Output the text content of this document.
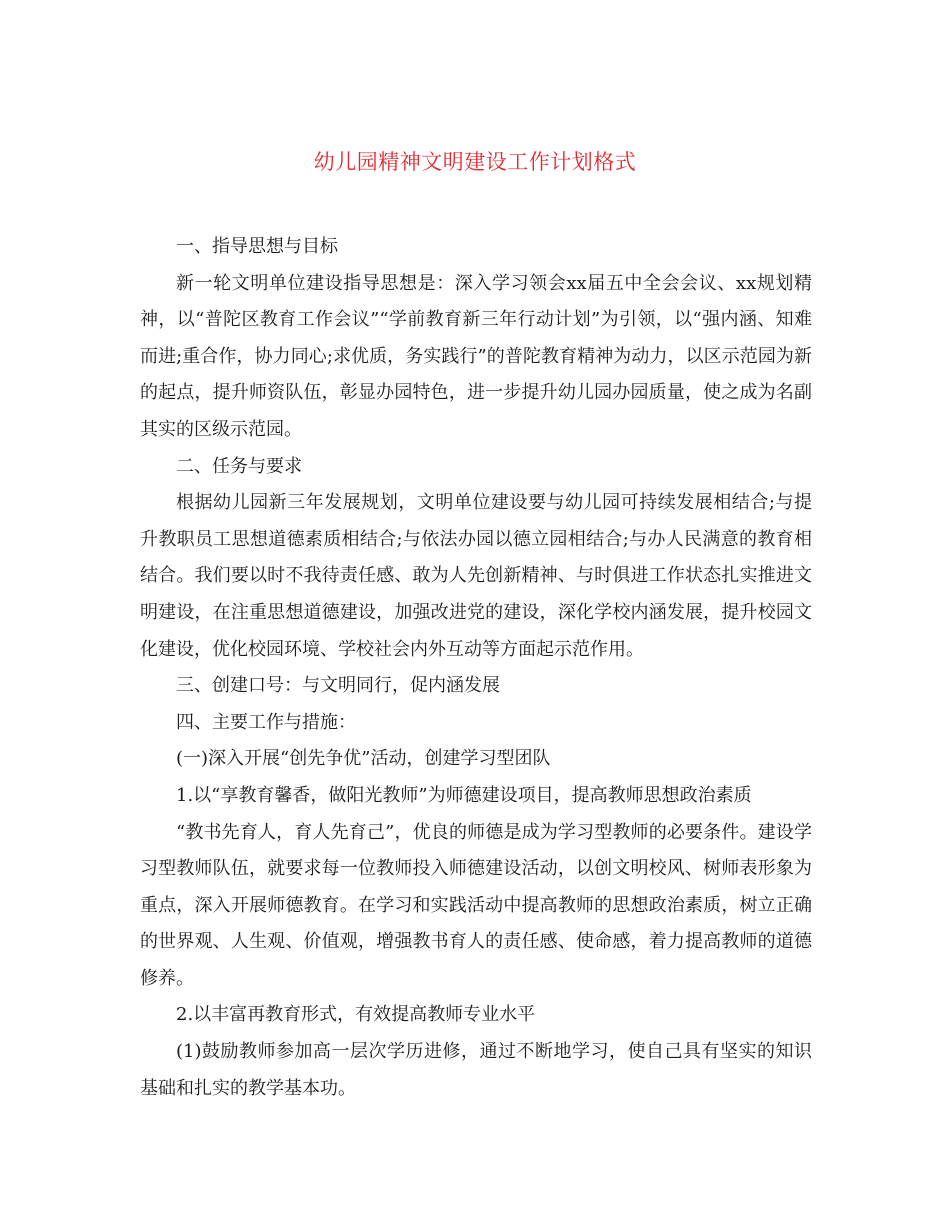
幼儿园精神文明建设工作计划格式

一、指导思想与目标

新一轮文明单位建设指导思想是：深入学习领会xx届五中全会会议、xx规划精神，以“普陀区教育工作会议”“学前教育新三年行动计划”为引领，以“强内涵、知难而进;重合作，协力同心;求优质，务实践行”的普陀教育精神为动力，以区示范园为新的起点，提升师资队伍，彰显办园特色，进一步提升幼儿园办园质量，使之成为名副其实的区级示范园。

二、任务与要求

根据幼儿园新三年发展规划，文明单位建设要与幼儿园可持续发展相结合;与提升教职员工思想道德素质相结合;与依法办园以德立园相结合;与办人民满意的教育相结合。我们要以时不我待责任感、敢为人先创新精神、与时俱进工作状态扎实推进文明建设，在注重思想道德建设，加强改进党的建设，深化学校内涵发展，提升校园文化建设，优化校园环境、学校社会内外互动等方面起示范作用。

三、创建口号：与文明同行，促内涵发展

四、主要工作与措施：

(一)深入开展“创先争优”活动，创建学习型团队

1.以“享教育馨香，做阳光教师”为师德建设项目，提高教师思想政治素质

“教书先育人，育人先育己”，优良的师德是成为学习型教师的必要条件。建设学习型教师队伍，就要求每一位教师投入师德建设活动，以创文明校风、树师表形象为重点，深入开展师德教育。在学习和实践活动中提高教师的思想政治素质，树立正确的世界观、人生观、价值观，增强教书育人的责任感、使命感，着力提高教师的道德修养。

2.以丰富再教育形式，有效提高教师专业水平

(1)鼓励教师参加高一层次学历进修，通过不断地学习，使自己具有坚实的知识基础和扎实的教学基本功。
